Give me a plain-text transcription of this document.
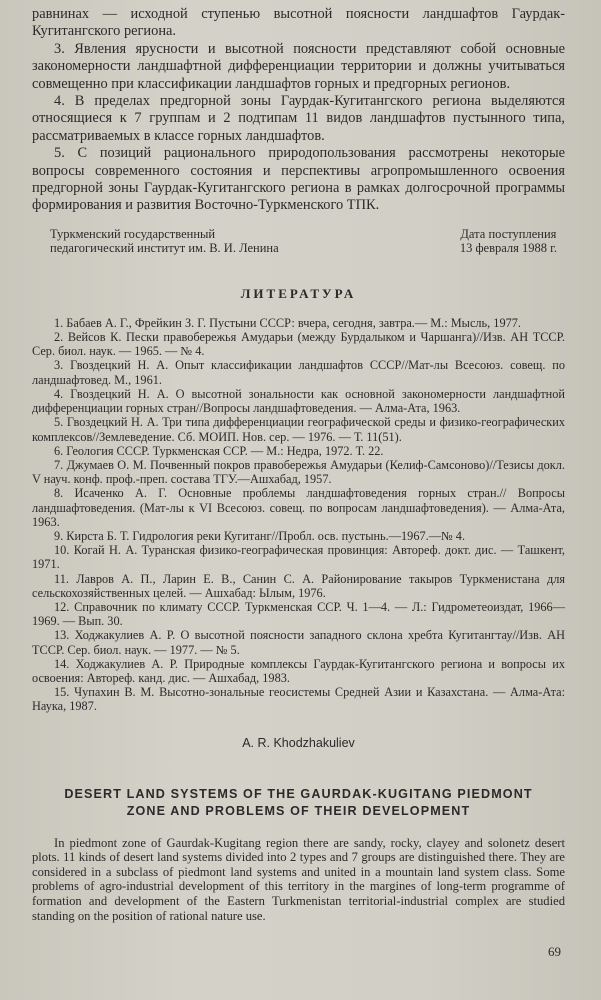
равнинах — исходной ступенью высотной поясности ландшафтов Гаурдак-Кугитангского региона.

3. Явления ярусности и высотной поясности представляют собой основные закономерности ландшафтной дифференциации территории и должны учитываться совмещенно при классификации ландшафтов горных и предгорных регионов.

4. В пределах предгорной зоны Гаурдак-Кугитангского региона выделяются относящиеся к 7 группам и 2 подтипам 11 видов ландшафтов пустынного типа, рассматриваемых в классе горных ландшафтов.

5. С позиций рационального природопользования рассмотрены некоторые вопросы современного состояния и перспективы агропромышленного освоения предгорной зоны Гаурдак-Кугитангского региона в рамках долгосрочной программы формирования и развития Восточно-Туркменского ТПК.

Туркменский государственный
педагогический институт им. В. И. Ленина
Дата поступления
13 февраля 1988 г.
ЛИТЕРАТУРА

1. Бабаев А. Г., Фрейкин З. Г. Пустыни СССР: вчера, сегодня, завтра.— М.: Мысль, 1977.

2. Вейсов К. Пески правобережья Амударьи (между Бурдалыком и Чаршанга)//Изв. АН ТССР. Сер. биол. наук. — 1965. — № 4.

3. Гвоздецкий Н. А. Опыт классификации ландшафтов СССР//Мат-лы Всесоюз. совещ. по ландшафтовед. М., 1961.

4. Гвоздецкий Н. А. О высотной зональности как основной закономерности ландшафтной дифференциации горных стран//Вопросы ландшафтоведения. — Алма-Ата, 1963.

5. Гвоздецкий Н. А. Три типа дифференциации географической среды и физико-географических комплексов//Землеведение. Сб. МОИП. Нов. сер. — 1976. — Т. 11(51).

6. Геология СССР. Туркменская ССР. — М.: Недра, 1972. Т. 22.

7. Джумаев О. М. Почвенный покров правобережья Амударьи (Келиф-Самсоново)//Тезисы докл. V науч. конф. проф.-преп. состава ТГУ.—Ашхабад, 1957.

8. Исаченко А. Г. Основные проблемы ландшафтоведения горных стран.// Вопросы ландшафтоведения. (Мат-лы к VI Всесоюз. совещ. по вопросам ландшафтоведения). — Алма-Ата, 1963.

9. Кирста Б. Т. Гидрология реки Кугитанг//Пробл. осв. пустынь.—1967.—№ 4.

10. Когай Н. А. Туранская физико-географическая провинция: Автореф. докт. дис. — Ташкент, 1971.

11. Лавров А. П., Ларин Е. В., Санин С. А. Районирование такыров Туркменистана для сельскохозяйственных целей. — Ашхабад: Ылым, 1976.

12. Справочник по климату СССР. Туркменская ССР. Ч. 1—4. — Л.: Гидрометеоиздат, 1966—1969. — Вып. 30.

13. Ходжакулиев А. Р. О высотной поясности западного склона хребта Кугитангтау//Изв. АН ТССР. Сер. биол. наук. — 1977. — № 5.

14. Ходжакулиев А. Р. Природные комплексы Гаурдак-Кугитангского региона и вопросы их освоения: Автореф. канд. дис. — Ашхабад, 1983.

15. Чупахин В. М. Высотно-зональные геосистемы Средней Азии и Казахстана. — Алма-Ата: Наука, 1987.

A. R. Khodzhakuliev
DESERT LAND SYSTEMS OF THE GAURDAK-KUGITANG PIEDMONT
ZONE AND PROBLEMS OF THEIR DEVELOPMENT

In piedmont zone of Gaurdak-Kugitang region there are sandy, rocky, clayey and solonetz desert plots. 11 kinds of desert land systems divided into 2 types and 7 groups are distinguished there. They are considered in a subclass of piedmont land systems and united in a mountain land system class. Some problems of agro-industrial development of this territory in the margines of long-term programme of formation and development of the Eastern Turkmenistan territorial-industrial complex are studied standing on the position of rational nature use.

69
